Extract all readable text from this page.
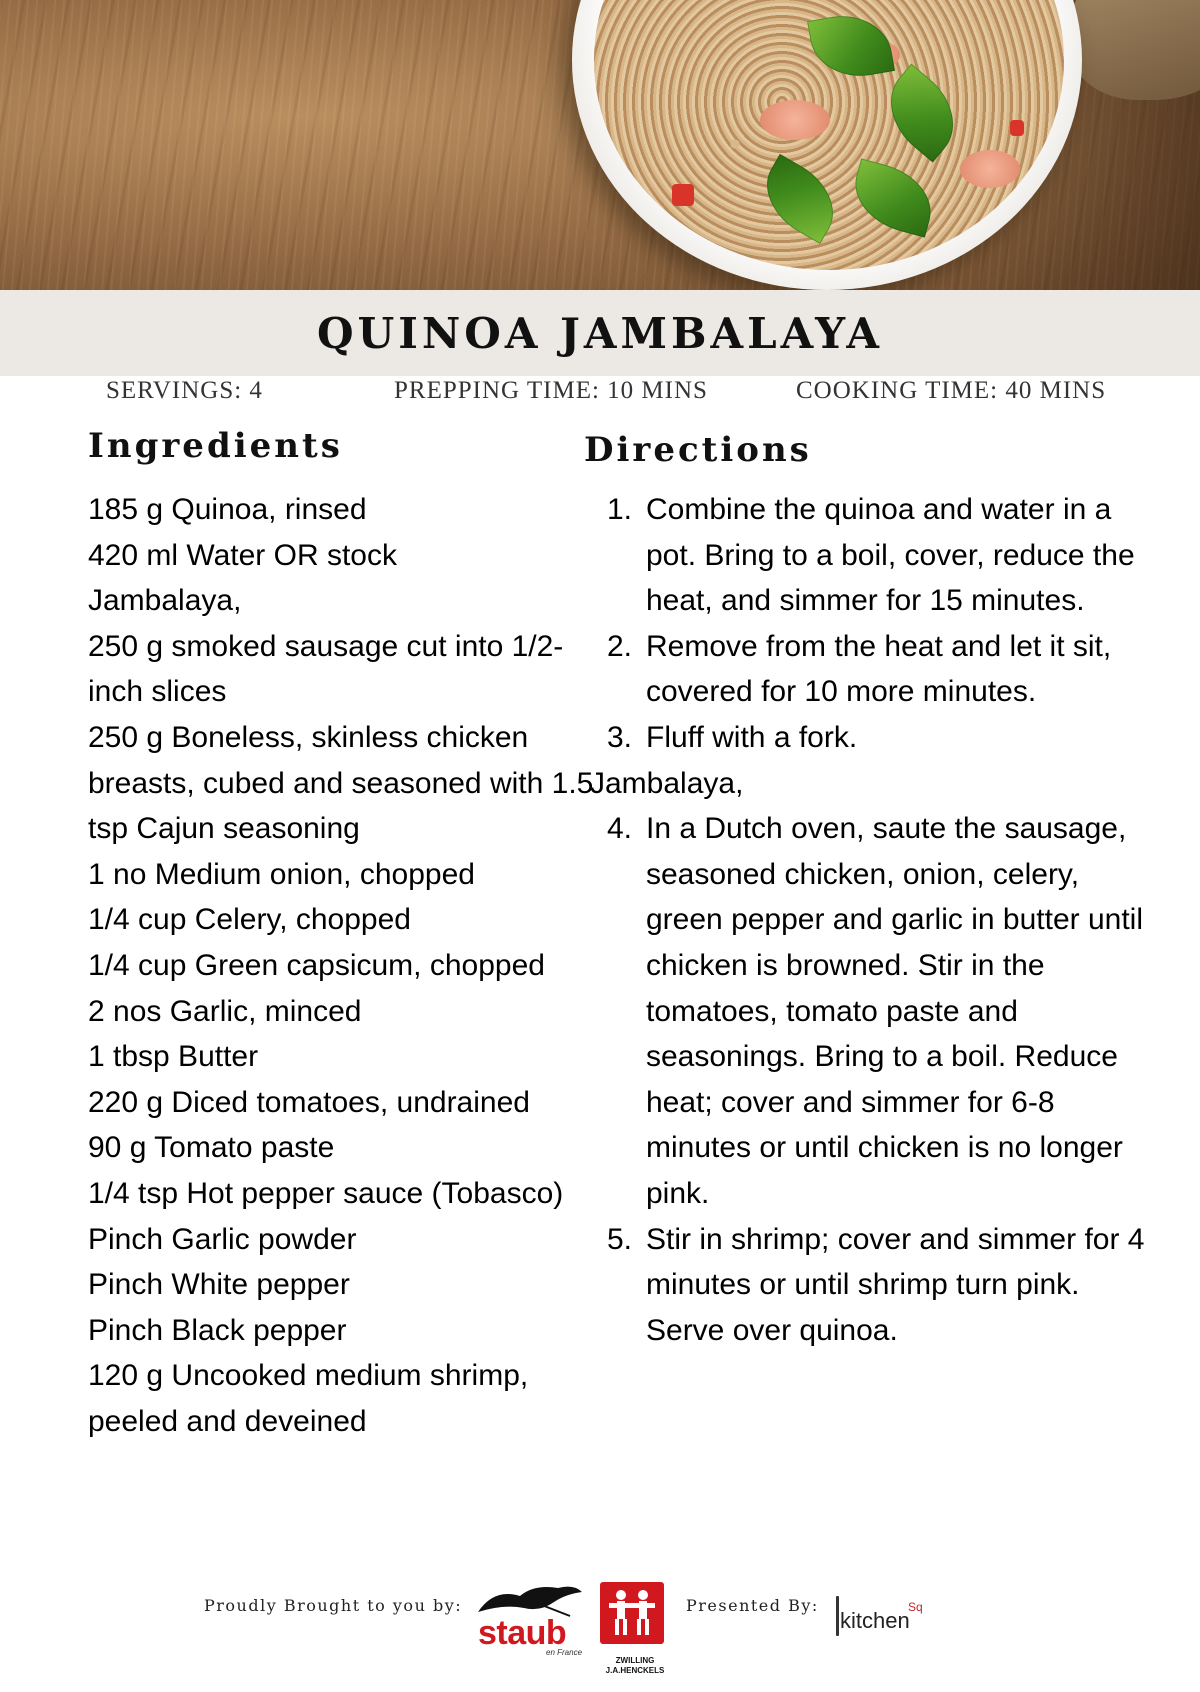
QUINOA JAMBALAYA
SERVINGS: 4	PREPPING TIME: 10 MINS	COOKING TIME: 40 MINS
Ingredients	Directions
185 g Quinoa, rinsed
420 ml Water OR stock
Jambalaya,
250 g smoked sausage cut into 1/2-inch slices
250 g Boneless, skinless chicken breasts, cubed and seasoned with 1.5 tsp Cajun seasoning
1 no Medium onion, chopped
1/4 cup Celery, chopped
1/4 cup Green capsicum, chopped
2 nos Garlic, minced
1 tbsp Butter
220 g Diced tomatoes, undrained
90 g Tomato paste
1/4 tsp Hot pepper sauce (Tobasco)
Pinch Garlic powder
Pinch White pepper
Pinch Black pepper
120 g Uncooked medium shrimp, peeled and deveined
1. Combine the quinoa and water in a pot. Bring to a boil, cover, reduce the heat, and simmer for 15 minutes.
2. Remove from the heat and let it sit, covered for 10 more minutes.
3. Fluff with a fork.
Jambalaya,
4. In a Dutch oven, saute the sausage, seasoned chicken, onion, celery, green pepper and garlic in butter until chicken is browned. Stir in the tomatoes, tomato paste and seasonings. Bring to a boil. Reduce heat; cover and simmer for 6-8 minutes or until chicken is no longer pink.
5. Stir in shrimp; cover and simmer for 4 minutes or until shrimp turn pink. Serve over quinoa.
Proudly Brought to you by:
staub
en France
ZWILLING J.A.HENCKELS
Presented By:
kitchen
Sq
